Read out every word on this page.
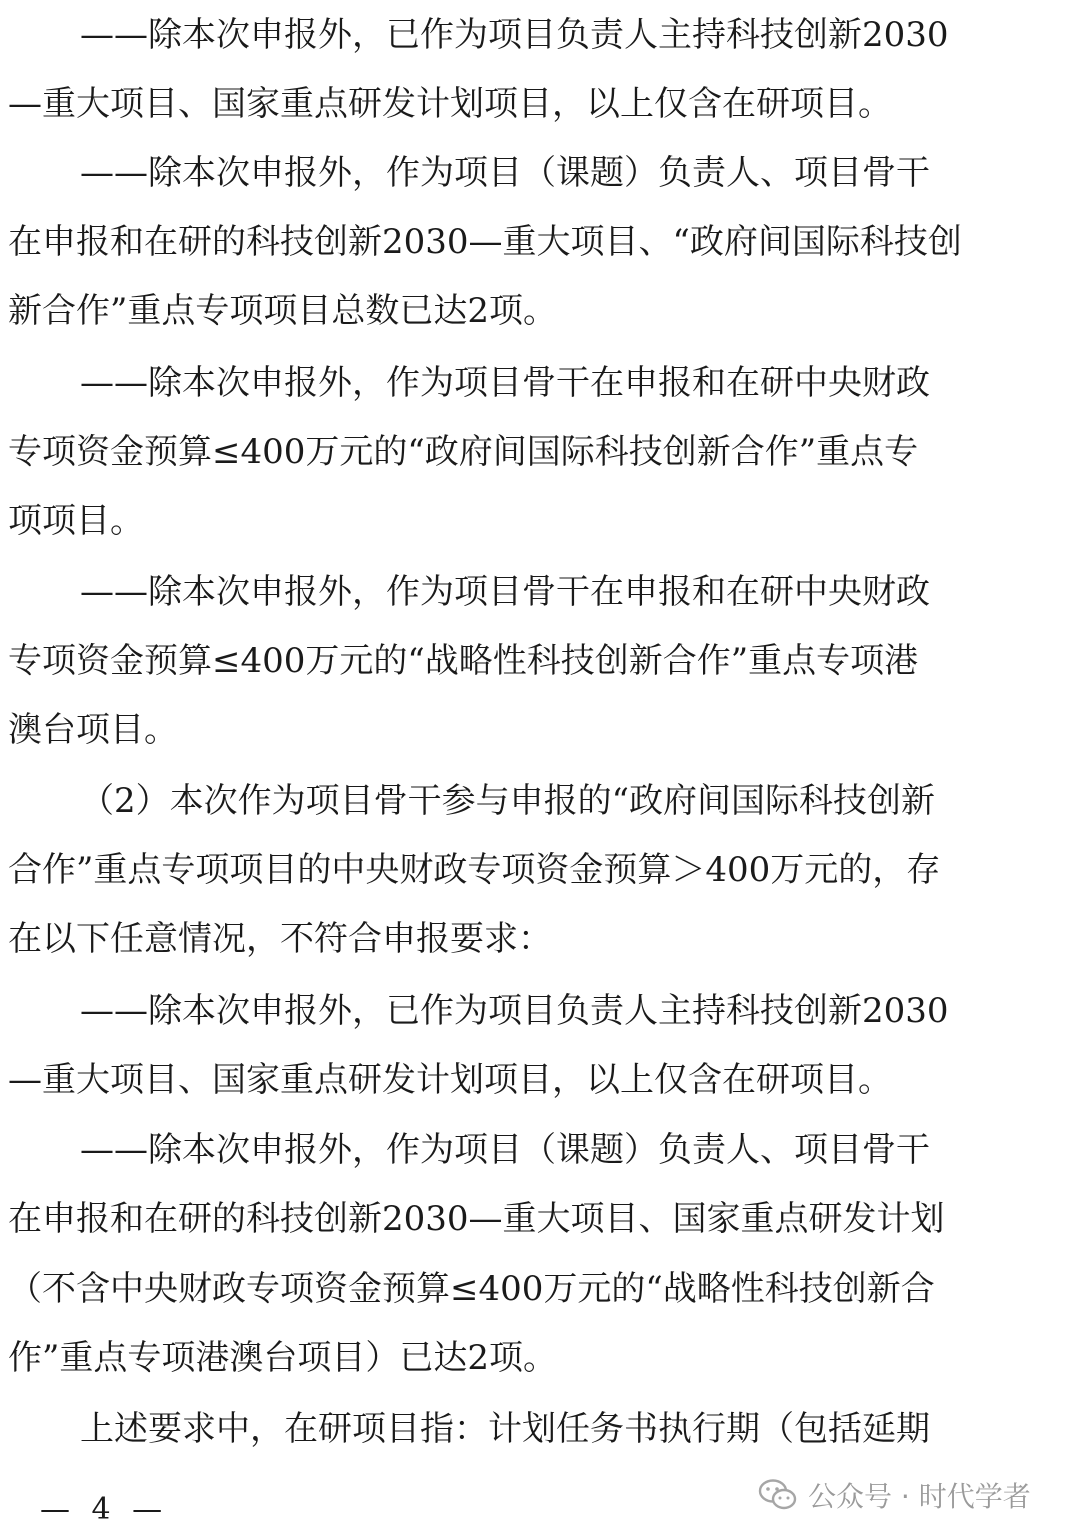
——除本次申报外，已作为项目负责人主持科技创新2030
—重大项目、国家重点研发计划项目，以上仅含在研项目。
——除本次申报外，作为项目（课题）负责人、项目骨干
在申报和在研的科技创新2030—重大项目、“政府间国际科技创
新合作”重点专项项目总数已达2项。
——除本次申报外，作为项目骨干在申报和在研中央财政
专项资金预算≤400万元的“政府间国际科技创新合作”重点专
项项目。
——除本次申报外，作为项目骨干在申报和在研中央财政
专项资金预算≤400万元的“战略性科技创新合作”重点专项港
澳台项目。
（2）本次作为项目骨干参与申报的“政府间国际科技创新
合作”重点专项项目的中央财政专项资金预算＞400万元的，存
在以下任意情况，不符合申报要求：
——除本次申报外，已作为项目负责人主持科技创新2030
—重大项目、国家重点研发计划项目，以上仅含在研项目。
——除本次申报外，作为项目（课题）负责人、项目骨干
在申报和在研的科技创新2030—重大项目、国家重点研发计划
（不含中央财政专项资金预算≤400万元的“战略性科技创新合
作”重点专项港澳台项目）已达2项。
上述要求中，在研项目指：计划任务书执行期（包括延期
公众号 · 时代学者
— 4 —
